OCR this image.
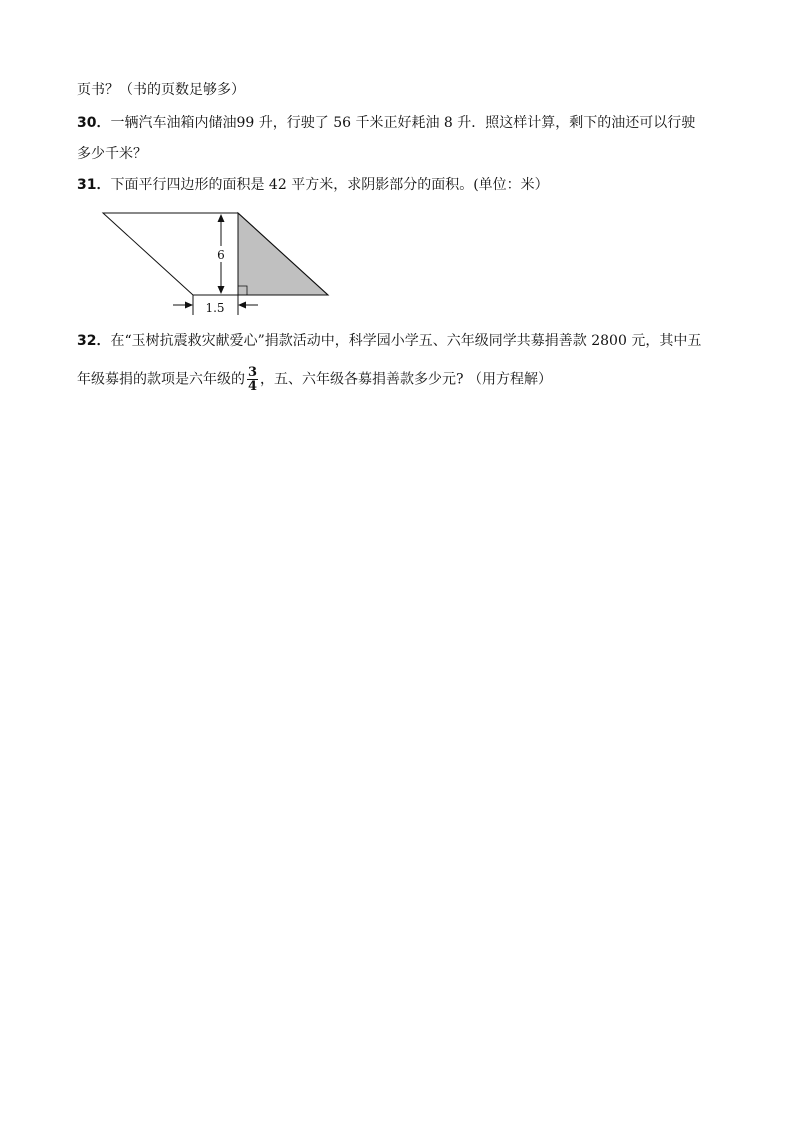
页书？（书的页数足够多）
30．一辆汽车油箱内储油99 升，行驶了 56 千米正好耗油 8 升．照这样计算，剩下的油还可以行驶
多少千米？
31．下面平行四边形的面积是 42 平方米，求阴影部分的面积。(单位：米）
6
1.5
32．在“玉树抗震救灾献爱心”捐款活动中，科学园小学五、六年级同学共募捐善款 2800 元，其中五
年级募捐的款项是六年级的 $\frac{3}{4}$ ，五、六年级各募捐善款多少元? （用方程解）
